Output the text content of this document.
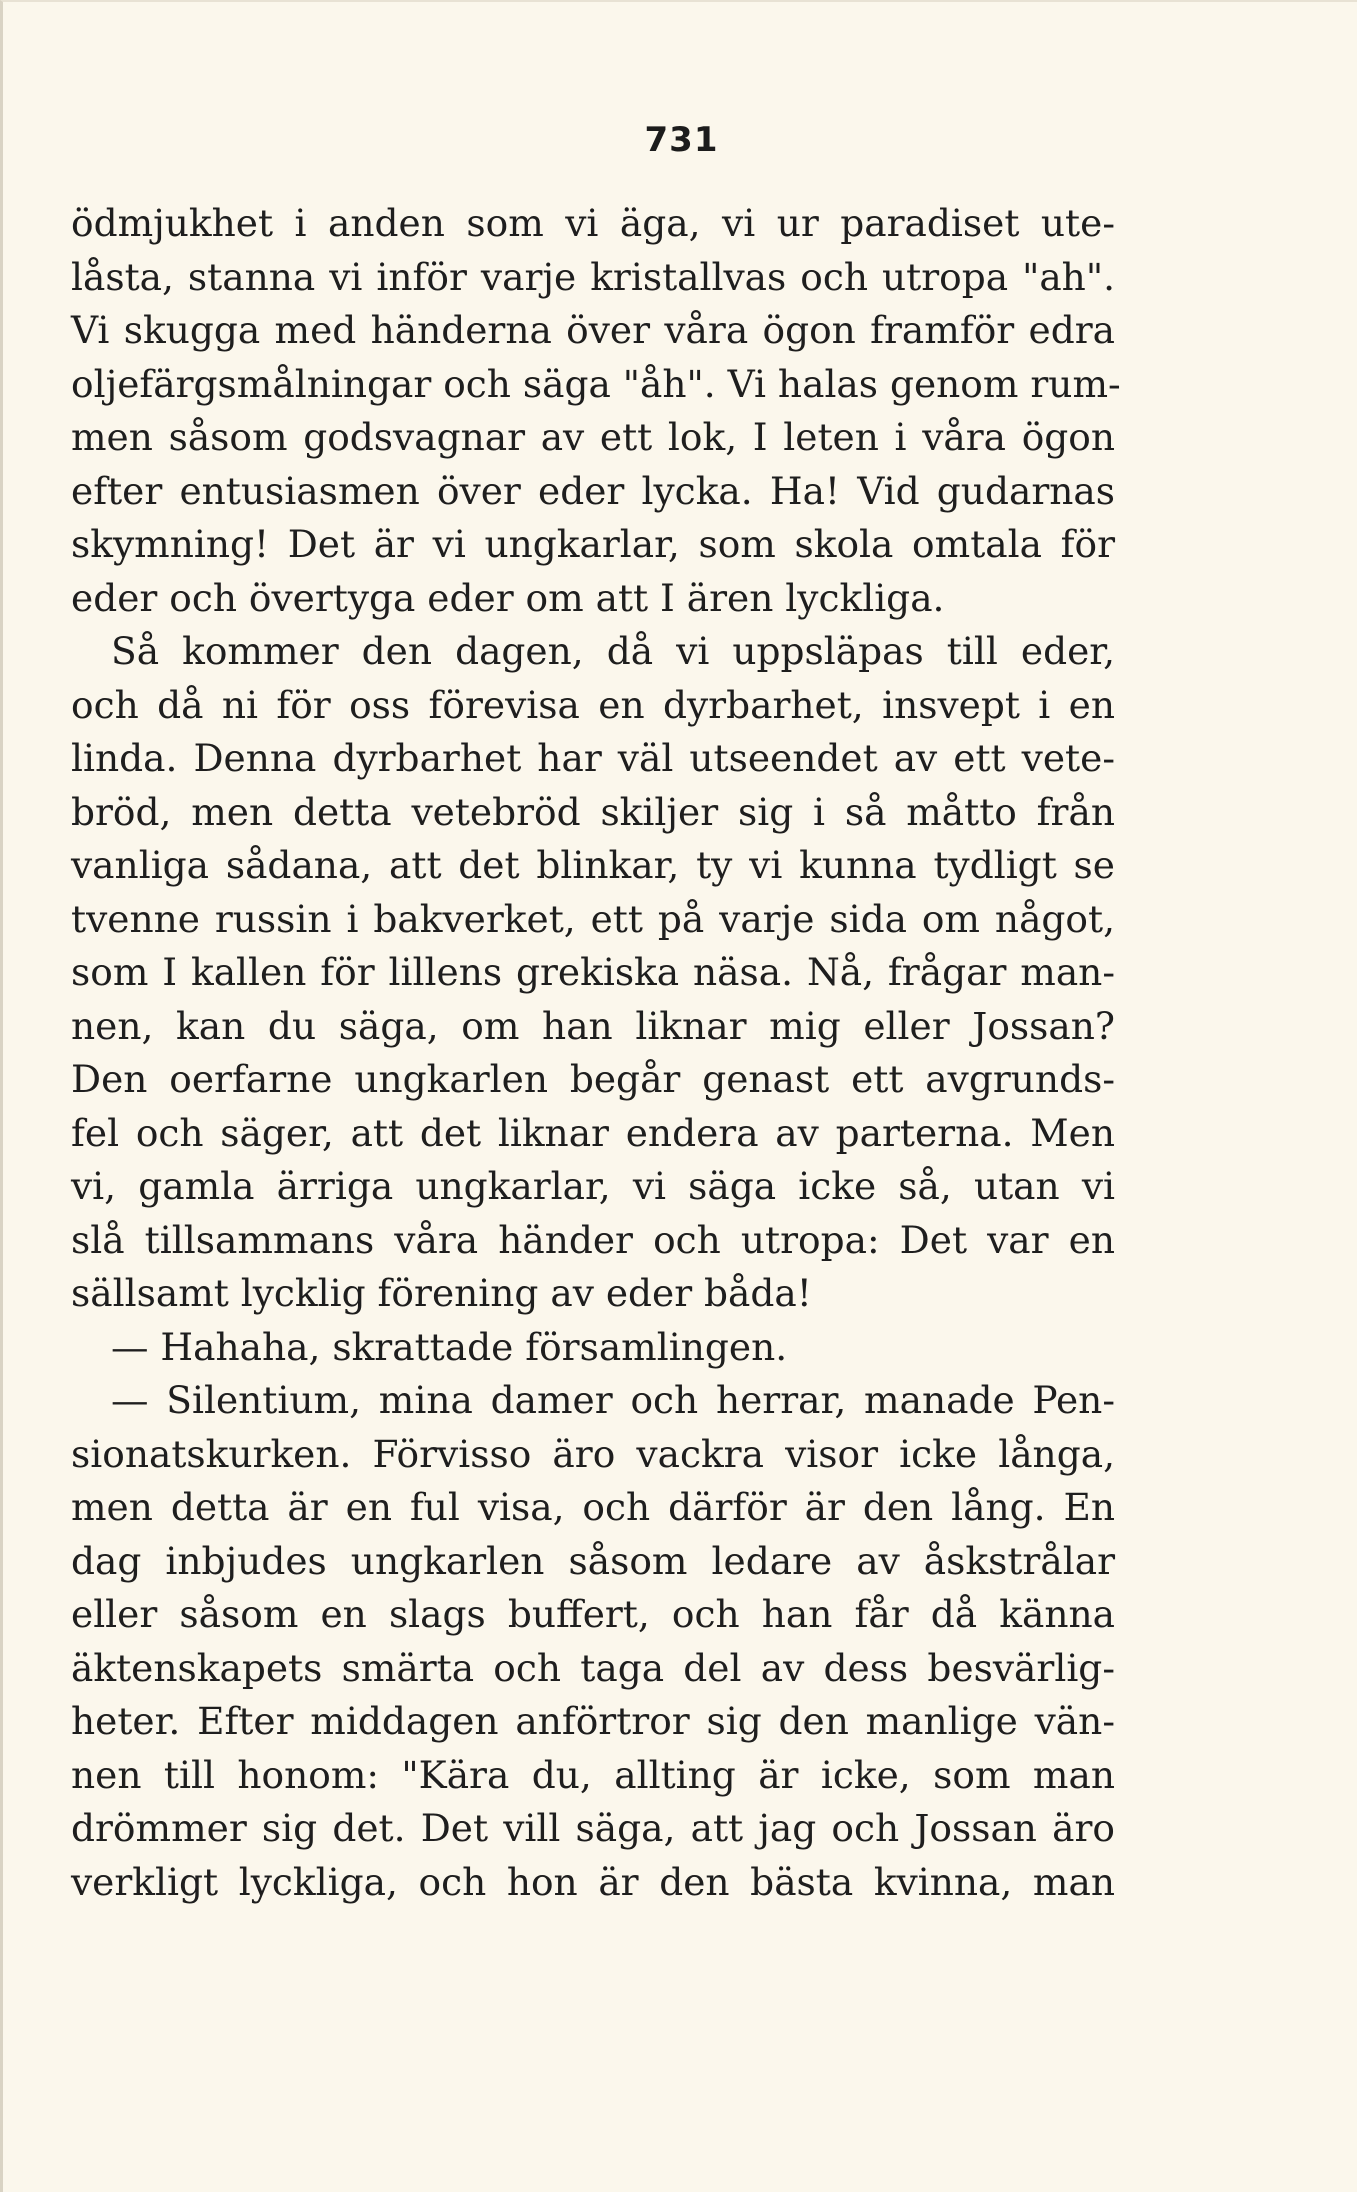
731
ödmjukhet i anden som vi äga, vi ur paradiset ute-
låsta, stanna vi inför varje kristallvas och utropa "ah".
Vi skugga med händerna över våra ögon framför edra
oljefärgsmålningar och säga "åh". Vi halas genom rum-
men såsom godsvagnar av ett lok, I leten i våra ögon
efter entusiasmen över eder lycka. Ha! Vid gudarnas
skymning! Det är vi ungkarlar, som skola omtala för
eder och övertyga eder om att I ären lyckliga.
Så kommer den dagen, då vi uppsläpas till eder,
och då ni för oss förevisa en dyrbarhet, insvept i en
linda. Denna dyrbarhet har väl utseendet av ett vete-
bröd, men detta vetebröd skiljer sig i så måtto från
vanliga sådana, att det blinkar, ty vi kunna tydligt se
tvenne russin i bakverket, ett på varje sida om något,
som I kallen för lillens grekiska näsa. Nå, frågar man-
nen, kan du säga, om han liknar mig eller Jossan?
Den oerfarne ungkarlen begår genast ett avgrunds-
fel och säger, att det liknar endera av parterna. Men
vi, gamla ärriga ungkarlar, vi säga icke så, utan vi
slå tillsammans våra händer och utropa: Det var en
sällsamt lycklig förening av eder båda!
— Hahaha, skrattade församlingen.
— Silentium, mina damer och herrar, manade Pen-
sionatskurken. Förvisso äro vackra visor icke långa,
men detta är en ful visa, och därför är den lång. En
dag inbjudes ungkarlen såsom ledare av åskstrålar
eller såsom en slags buffert, och han får då känna
äktenskapets smärta och taga del av dess besvärlig-
heter. Efter middagen anförtror sig den manlige vän-
nen till honom: "Kära du, allting är icke, som man
drömmer sig det. Det vill säga, att jag och Jossan äro
verkligt lyckliga, och hon är den bästa kvinna, man
